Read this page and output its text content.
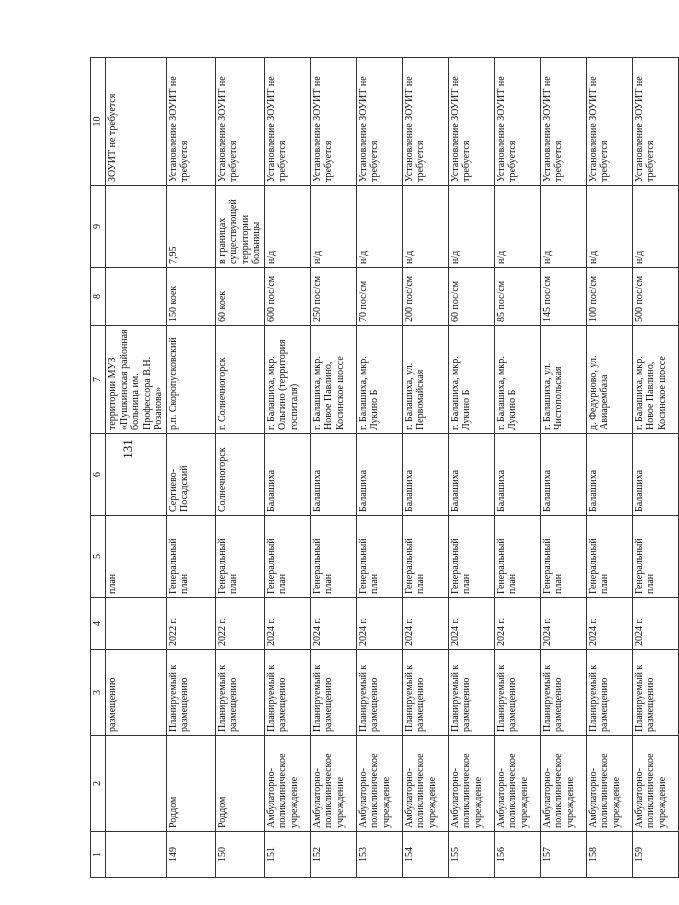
131
1	2	3	4	5	6	7	8	9	10
		размещению		план		территории МУЗ «Пушкинская районная больница им. Профессора В.Н. Розанова»			ЗОУИТ не требуется
149	Роддом	Планируемый к размещению	2022 г.	Генеральный план	Сергиево-Посадский	р.п. Скоропусковский	150 коек	7,95	Установление ЗОУИТ не требуется
150	Роддом	Планируемый к размещению	2022 г.	Генеральный план	Солнечногорск	г. Солнечногорск	60 коек	в границах существующей территории больницы	Установление ЗОУИТ не требуется
151	Амбулаторно-поликлиническое учреждение	Планируемый к размещению	2024 г.	Генеральный план	Балашиха	г. Балашиха, мкр. Ольгино (территория госпиталя)	600 пос/см	н/д	Установление ЗОУИТ не требуется
152	Амбулаторно-поликлиническое учреждение	Планируемый к размещению	2024 г.	Генеральный план	Балашиха	г. Балашиха, мкр. Новое Павлино, Косинское шоссе	250 пос/см	н/д	Установление ЗОУИТ не требуется
153	Амбулаторно-поликлиническое учреждение	Планируемый к размещению	2024 г.	Генеральный план	Балашиха	г. Балашиха, мкр. Лукино Б	70 пос/см	н/д	Установление ЗОУИТ не требуется
154	Амбулаторно-поликлиническое учреждение	Планируемый к размещению	2024 г.	Генеральный план	Балашиха	г. Балашиха, ул. Первомайская	200 пос/см	н/д	Установление ЗОУИТ не требуется
155	Амбулаторно-поликлиническое учреждение	Планируемый к размещению	2024 г.	Генеральный план	Балашиха	г. Балашиха, мкр. Лукино Б	60 пос/см	н/д	Установление ЗОУИТ не требуется
156	Амбулаторно-поликлиническое учреждение	Планируемый к размещению	2024 г.	Генеральный план	Балашиха	г. Балашиха, мкр. Лукино Б	85 пос/см	н/д	Установление ЗОУИТ не требуется
157	Амбулаторно-поликлиническое учреждение	Планируемый к размещению	2024 г.	Генеральный план	Балашиха	г. Балашиха, ул. Чистопольская	145 пос/см	н/д	Установление ЗОУИТ не требуется
158	Амбулаторно-поликлиническое учреждение	Планируемый к размещению	2024 г.	Генеральный план	Балашиха	д. Федурново, ул. Авиарембаза	100 пос/см	н/д	Установление ЗОУИТ не требуется
159	Амбулаторно-поликлиническое учреждение	Планируемый к размещению	2024 г.	Генеральный план	Балашиха	г. Балашиха, мкр. Новое Павлино, Косинское шоссе	500 пос/см	н/д	Установление ЗОУИТ не требуется
